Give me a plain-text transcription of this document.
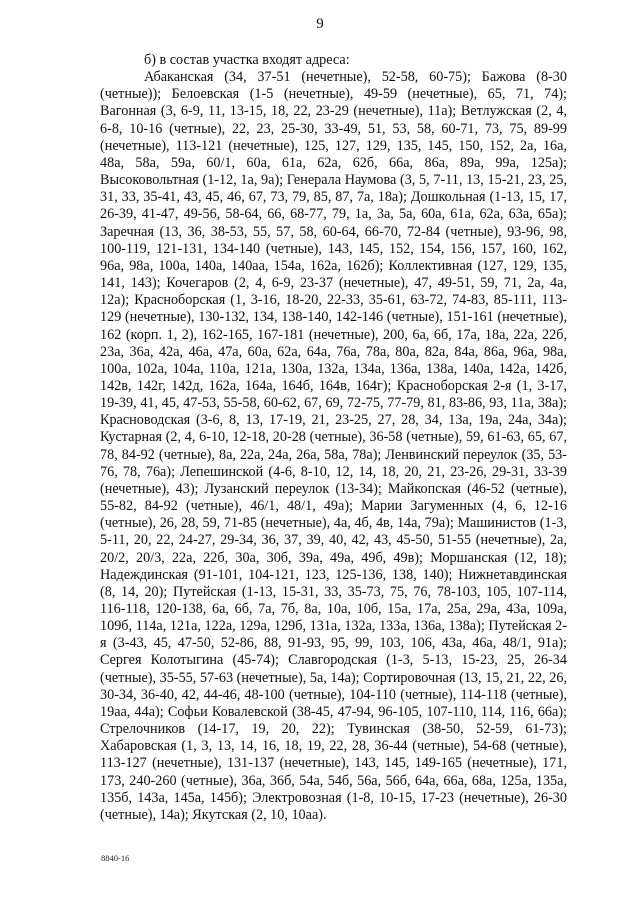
9

б) в состав участка входят адреса:

Абаканская (34, 37-51 (нечетные), 52-58, 60-75); Бажова (8-30 (четные)); Белоевская (1-5 (нечетные), 49-59 (нечетные), 65, 71, 74); Вагонная (3, 6-9, 11, 13-15, 18, 22, 23-29 (нечетные), 11а); Ветлужская (2, 4, 6-8, 10-16 (четные), 22, 23, 25-30, 33-49, 51, 53, 58, 60-71, 73, 75, 89-99 (нечетные), 113-121 (нечетные), 125, 127, 129, 135, 145, 150, 152, 2а, 16а, 48а, 58а, 59а, 60/1, 60а, 61а, 62а, 62б, 66а, 86а, 89а, 99а, 125а); Высоковольтная (1-12, 1а, 9а); Генерала Наумова (3, 5, 7-11, 13, 15-21, 23, 25, 31, 33, 35-41, 43, 45, 46, 67, 73, 79, 85, 87, 7а, 18а); Дошкольная (1-13, 15, 17, 26-39, 41-47, 49-56, 58-64, 66, 68-77, 79, 1а, 3а, 5а, 60а, 61а, 62а, 63а, 65а); Заречная (13, 36, 38-53, 55, 57, 58, 60-64, 66-70, 72-84 (четные), 93-96, 98, 100-119, 121-131, 134-140 (четные), 143, 145, 152, 154, 156, 157, 160, 162, 96а, 98а, 100а, 140а, 140аа, 154а, 162а, 162б); Коллективная (127, 129, 135, 141, 143); Кочегаров (2, 4, 6-9, 23-37 (нечетные), 47, 49-51, 59, 71, 2а, 4а, 12а); Красноборская (1, 3-16, 18-20, 22-33, 35-61, 63-72, 74-83, 85-111, 113-129 (нечетные), 130-132, 134, 138-140, 142-146 (четные), 151-161 (нечетные), 162 (корп. 1, 2), 162-165, 167-181 (нечетные), 200, 6а, 6б, 17а, 18а, 22а, 22б, 23а, 36а, 42а, 46а, 47а, 60а, 62а, 64а, 76а, 78а, 80а, 82а, 84а, 86а, 96а, 98а, 100а, 102а, 104а, 110а, 121а, 130а, 132а, 134а, 136а, 138а, 140а, 142а, 142б, 142в, 142г, 142д, 162а, 164а, 164б, 164в, 164г); Красноборская 2-я (1, 3-17, 19-39, 41, 45, 47-53, 55-58, 60-62, 67, 69, 72-75, 77-79, 81, 83-86, 93, 11а, 38а); Красноводская (3-6, 8, 13, 17-19, 21, 23-25, 27, 28, 34, 13а, 19а, 24а, 34а); Кустарная (2, 4, 6-10, 12-18, 20-28 (четные), 36-58 (четные), 59, 61-63, 65, 67, 78, 84-92 (четные), 8а, 22а, 24а, 26а, 58а, 78а); Ленвинский переулок (35, 53-76, 78, 76а); Лепешинской (4-6, 8-10, 12, 14, 18, 20, 21, 23-26, 29-31, 33-39 (нечетные), 43); Лузанский переулок (13-34); Майкопская (46-52 (четные), 55-82, 84-92 (четные), 46/1, 48/1, 49а); Марии Загуменных (4, 6, 12-16 (четные), 26, 28, 59, 71-85 (нечетные), 4а, 4б, 4в, 14а, 79а); Машинистов (1-3, 5-11, 20, 22, 24-27, 29-34, 36, 37, 39, 40, 42, 43, 45-50, 51-55 (нечетные), 2а, 20/2, 20/3, 22а, 22б, 30а, 30б, 39а, 49а, 49б, 49в); Моршанская (12, 18); Надеждинская (91-101, 104-121, 123, 125-136, 138, 140); Нижнетавдинская (8, 14, 20); Путейская (1-13, 15-31, 33, 35-73, 75, 76, 78-103, 105, 107-114, 116-118, 120-138, 6а, 6б, 7а, 7б, 8а, 10а, 10б, 15а, 17а, 25а, 29а, 43а, 109а, 109б, 114а, 121а, 122а, 129а, 129б, 131а, 132а, 133а, 136а, 138а); Путейская 2-я (3-43, 45, 47-50, 52-86, 88, 91-93, 95, 99, 103, 106, 43а, 46а, 48/1, 91а); Сергея Колотыгина (45-74); Славгородская (1-3, 5-13, 15-23, 25, 26-34 (четные), 35-55, 57-63 (нечетные), 5а, 14а); Сортировочная (13, 15, 21, 22, 26, 30-34, 36-40, 42, 44-46, 48-100 (четные), 104-110 (четные), 114-118 (четные), 19аа, 44а); Софьи Ковалевской (38-45, 47-94, 96-105, 107-110, 114, 116, 66а); Стрелочников (14-17, 19, 20, 22); Тувинская (38-50, 52-59, 61-73); Хабаровская (1, 3, 13, 14, 16, 18, 19, 22, 28, 36-44 (четные), 54-68 (четные), 113-127 (нечетные), 131-137 (нечетные), 143, 145, 149-165 (нечетные), 171, 173, 240-260 (четные), 36а, 36б, 54а, 54б, 56а, 56б, 64а, 66а, 68а, 125а, 135а, 135б, 143а, 145а, 145б); Электровозная (1-8, 10-15, 17-23 (нечетные), 26-30 (четные), 14а); Якутская (2, 10, 10аа).

8840-16
